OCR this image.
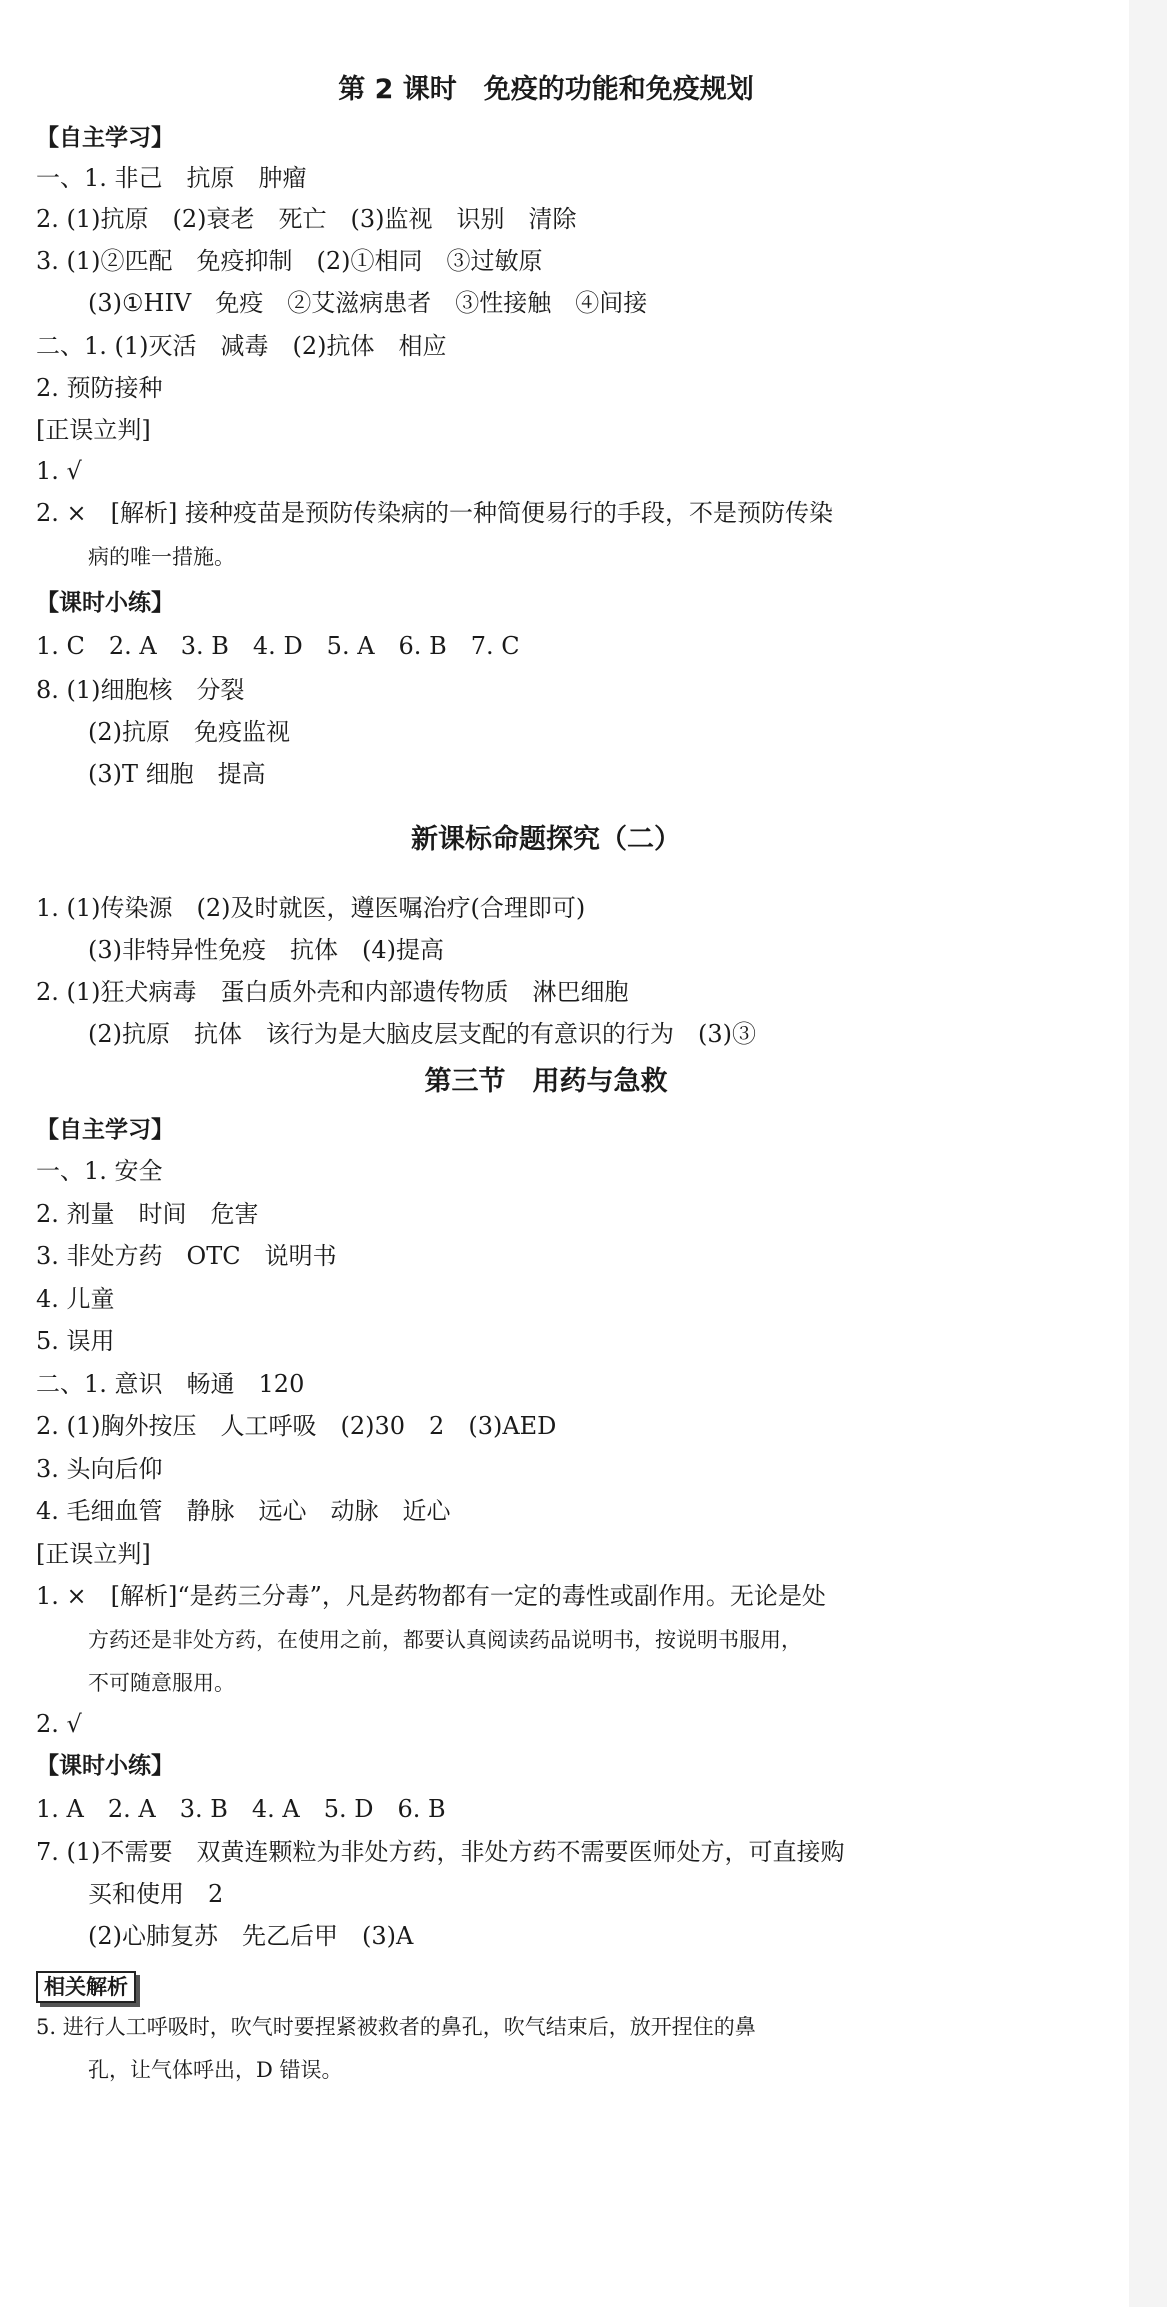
第 2 课时　免疫的功能和免疫规划
【自主学习】
一、1. 非己　抗原　肿瘤
2. (1)抗原　(2)衰老　死亡　(3)监视　识别　清除
3. (1)②匹配　免疫抑制　(2)①相同　③过敏原
(3)①HIV　免疫　②艾滋病患者　③性接触　④间接
二、1. (1)灭活　减毒　(2)抗体　相应
2. 预防接种
[正误立判]
1. √
2. ×　[解析] 接种疫苗是预防传染病的一种简便易行的手段，不是预防传染
病的唯一措施。
【课时小练】
1. C　2. A　3. B　4. D　5. A　6. B　7. C
8. (1)细胞核　分裂
(2)抗原　免疫监视
(3)T 细胞　提高
新课标命题探究（二）
1. (1)传染源　(2)及时就医，遵医嘱治疗(合理即可)
(3)非特异性免疫　抗体　(4)提高
2. (1)狂犬病毒　蛋白质外壳和内部遗传物质　淋巴细胞
(2)抗原　抗体　该行为是大脑皮层支配的有意识的行为　(3)③
第三节　用药与急救
【自主学习】
一、1. 安全
2. 剂量　时间　危害
3. 非处方药　OTC　说明书
4. 儿童
5. 误用
二、1. 意识　畅通　120
2. (1)胸外按压　人工呼吸　(2)30　2　(3)AED
3. 头向后仰
4. 毛细血管　静脉　远心　动脉　近心
[正误立判]
1. ×　[解析]“是药三分毒”，凡是药物都有一定的毒性或副作用。无论是处
方药还是非处方药，在使用之前，都要认真阅读药品说明书，按说明书服用，
不可随意服用。
2. √
【课时小练】
1. A　2. A　3. B　4. A　5. D　6. B
7. (1)不需要　双黄连颗粒为非处方药，非处方药不需要医师处方，可直接购
买和使用　2
(2)心肺复苏　先乙后甲　(3)A
相关解析
5. 进行人工呼吸时，吹气时要捏紧被救者的鼻孔，吹气结束后，放开捏住的鼻
孔，让气体呼出，D 错误。
